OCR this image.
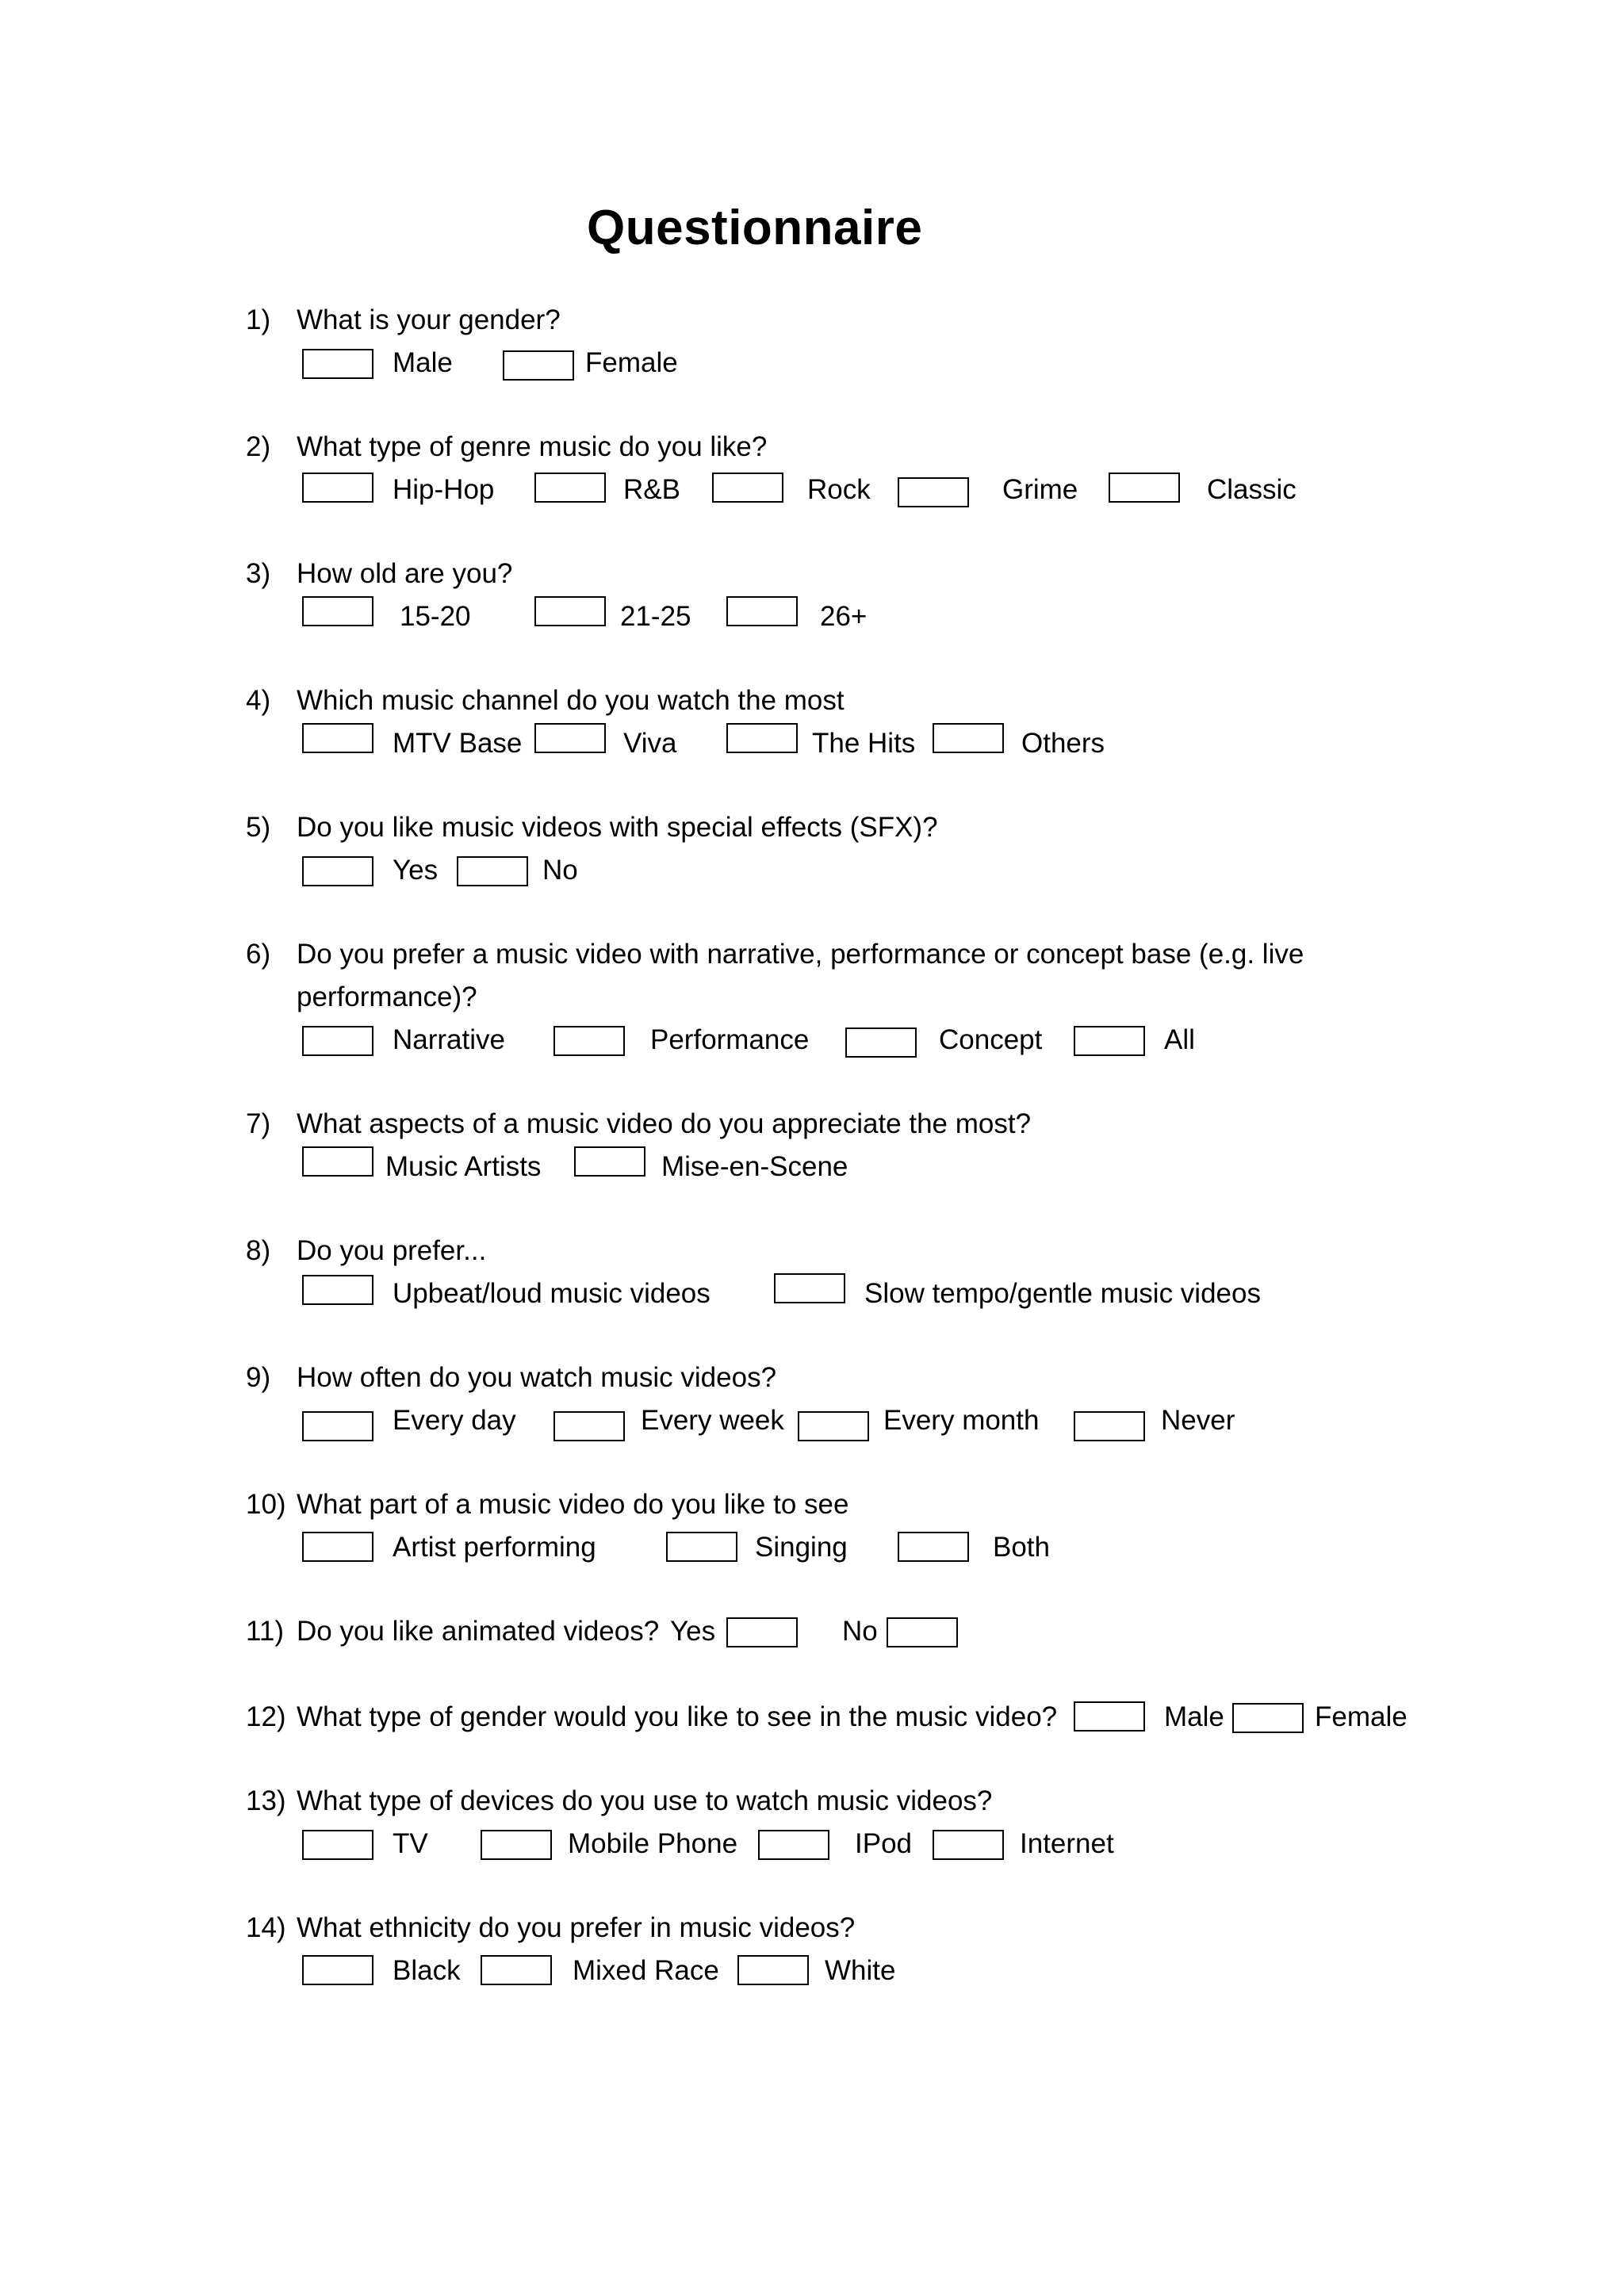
Questionnaire
1) What is your gender?
Male	Female
2) What type of genre music do you like?
Hip-Hop	R&B	Rock	Grime	Classic
3) How old are you?
15-20	21-25	26+
4) Which music channel do you watch the most
MTV Base	Viva	The Hits	Others
5) Do you like music videos with special effects (SFX)?
Yes	No
6) Do you prefer a music video with narrative, performance or concept base (e.g. live
performance)?
Narrative	Performance	Concept	All
7) What aspects of a music video do you appreciate the most?
Music Artists	Mise-en-Scene
8) Do you prefer...
Upbeat/loud music videos	Slow tempo/gentle music videos
9) How often do you watch music videos?
Every day	Every week	Every month	Never
10) What part of a music video do you like to see
Artist performing	Singing	Both
11) Do you like animated videos? Yes	No
12) What type of gender would you like to see in the music video?	Male	Female
13) What type of devices do you use to watch music videos?
TV	Mobile Phone	IPod	Internet
14) What ethnicity do you prefer in music videos?
Black	Mixed Race	White
